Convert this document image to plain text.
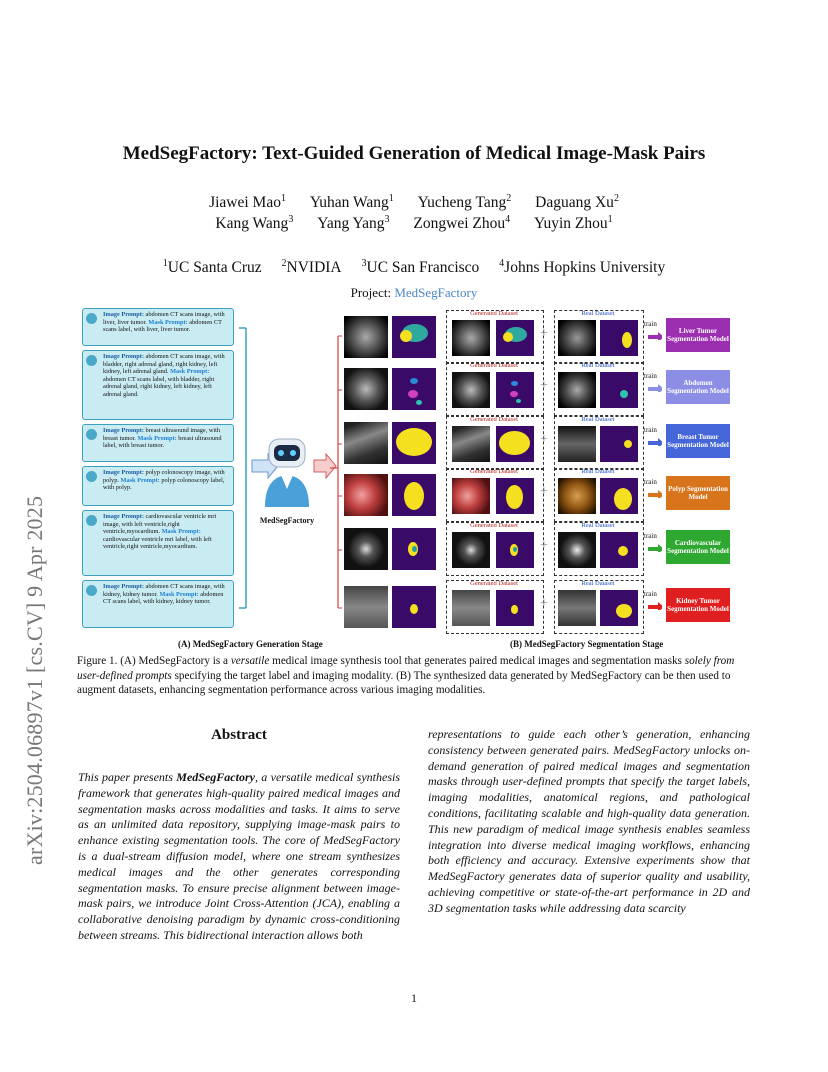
MedSegFactory: Text-Guided Generation of Medical Image-Mask Pairs
Jiawei Mao$^1$ Yuhan Wang$^1$ Yucheng Tang$^2$ Daguang Xu$^2$
Kang Wang$^3$ Yang Yang$^3$ Zongwei Zhou$^4$ Yuyin Zhou$^1$
$^1$UC Santa Cruz $^2$NVIDIA $^3$UC San Francisco $^4$Johns Hopkins University
Project: MedSegFactory
arXiv:2504.06897v1 [cs.CV] 9 Apr 2025
Image Prompt: abdomen CT scans image, with liver, liver tumor. Mask Prompt: abdomen CT scans label, with liver, liver tumor.
Image Prompt: abdomen CT scans image, with bladder, right adrenal gland, right kidney, left kidney, left adrenal gland. Mask Prompt: abdomen CT scans label, with bladder, right adrenal gland, right kidney, left kidney, left adrenal gland.
Image Prompt: breast ultrasound image, with breast tumor. Mask Prompt: breast ultrasound label, with breast tumor.
Image Prompt: polyp colonoscopy image, with polyp. Mask Prompt: polyp colonoscopy label, with polyp.
Image Prompt: cardiovascular ventricle mri image, with left ventricle,right ventricle,myocardium. Mask Prompt: cardiovascular ventricle mri label, with left ventricle,right ventricle,myocardium.
Image Prompt: abdomen CT scans image, with kidney, kidney tumor. Mask Prompt: abdomen CT scans label, with kidney, kidney tumor.
MedSegFactory
Generated Dataset
+
Real Dataset
train
Liver Tumor Segmentation Model
Generated Dataset
+
Real Dataset
train
Abdomen Segmentation Model
Generated Dataset
+
Real Dataset
train
Breast Tumor Segmentation Model
Generated Dataset
+
Real Dataset
train
Polyp Segmentation Model
Generated Dataset
+
Real Dataset
train
Cardiovascular Segmentation Model
Generated Dataset
+
Real Dataset
train
Kidney Tumor Segmentation Model
(A) MedSegFactory Generation Stage	(B) MedSegFactory Segmentation Stage
Figure 1. (A) MedSegFactory is a versatile medical image synthesis tool that generates paired medical images and segmentation masks solely from user-defined prompts specifying the target label and imaging modality. (B) The synthesized data generated by MedSegFactory can be then used to augment datasets, enhancing segmentation performance across various imaging modalities.
Abstract
This paper presents MedSegFactory, a versatile medical synthesis framework that generates high-quality paired medical images and segmentation masks across modalities and tasks. It aims to serve as an unlimited data repository, supplying image-mask pairs to enhance existing segmentation tools. The core of MedSegFactory is a dual-stream diffusion model, where one stream synthesizes medical images and the other generates corresponding segmentation masks. To ensure precise alignment between image-mask pairs, we introduce Joint Cross-Attention (JCA), enabling a collaborative denoising paradigm by dynamic cross-conditioning between streams. This bidirectional interaction allows both
representations to guide each other’s generation, enhancing consistency between generated pairs. MedSegFactory unlocks on-demand generation of paired medical images and segmentation masks through user-defined prompts that specify the target labels, imaging modalities, anatomical regions, and pathological conditions, facilitating scalable and high-quality data generation. This new paradigm of medical image synthesis enables seamless integration into diverse medical imaging workflows, enhancing both efficiency and accuracy. Extensive experiments show that MedSegFactory generates data of superior quality and usability, achieving competitive or state-of-the-art performance in 2D and 3D segmentation tasks while addressing data scarcity
1
